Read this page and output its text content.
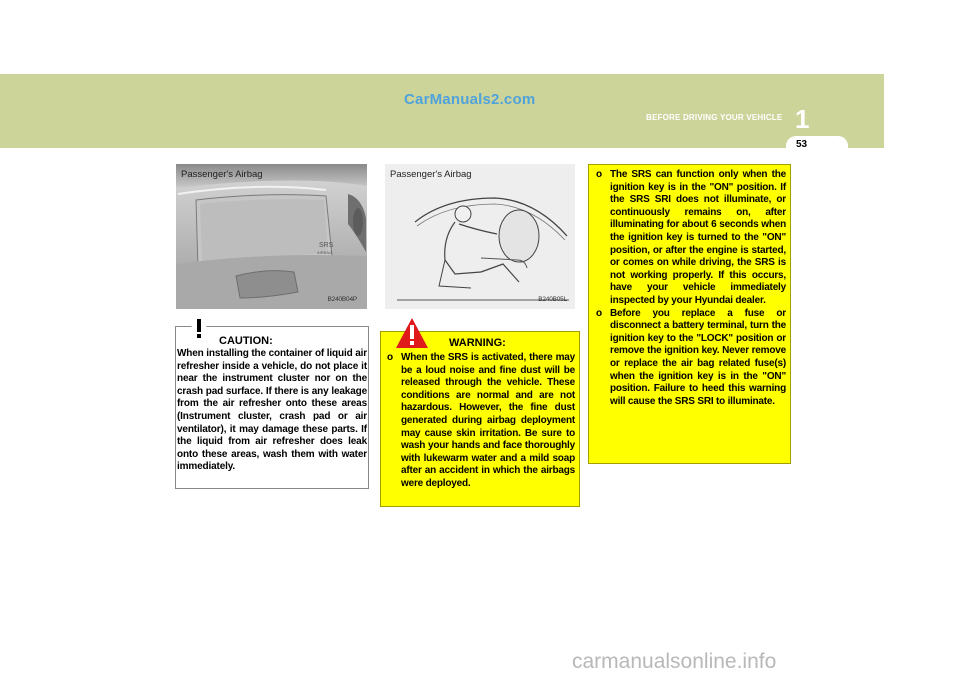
CarManuals2.com
BEFORE DRIVING YOUR VEHICLE 1
53
Passenger's Airbag
SRS
AIRBAG
B240B04P
Passenger's Airbag
B240B05L
CAUTION:
When installing the container of liquid air refresher inside a vehicle, do not place it near the instrument cluster nor on the crash pad surface. If there is any leakage from the air refresher onto these areas (Instrument cluster, crash pad or air ventilator), it may damage these parts. If the liquid from air refresher does leak onto these areas, wash them with water immediately.
WARNING:
o When the SRS is activated, there may be a loud noise and fine dust will be released through the vehicle. These conditions are normal and are not hazardous. However, the fine dust generated during airbag deployment may cause skin irritation. Be sure to wash your hands and face thoroughly with lukewarm water and a mild soap after an accident in which the airbags were deployed.
o The SRS can function only when the ignition key is in the "ON" position. If the SRS SRI does not illuminate, or continuously remains on, after illuminating for about 6 seconds when the ignition key is turned to the "ON" position, or after the engine is started, or comes on while driving, the SRS is not working properly. If this occurs, have your vehicle immediately inspected by your Hyundai dealer.
o Before you replace a fuse or disconnect a battery terminal, turn the ignition key to the "LOCK" position or remove the ignition key. Never remove or replace the air bag related fuse(s) when the ignition key is in the "ON" position. Failure to heed this warning will cause the SRS SRI to illuminate.
carmanualsonline.info
